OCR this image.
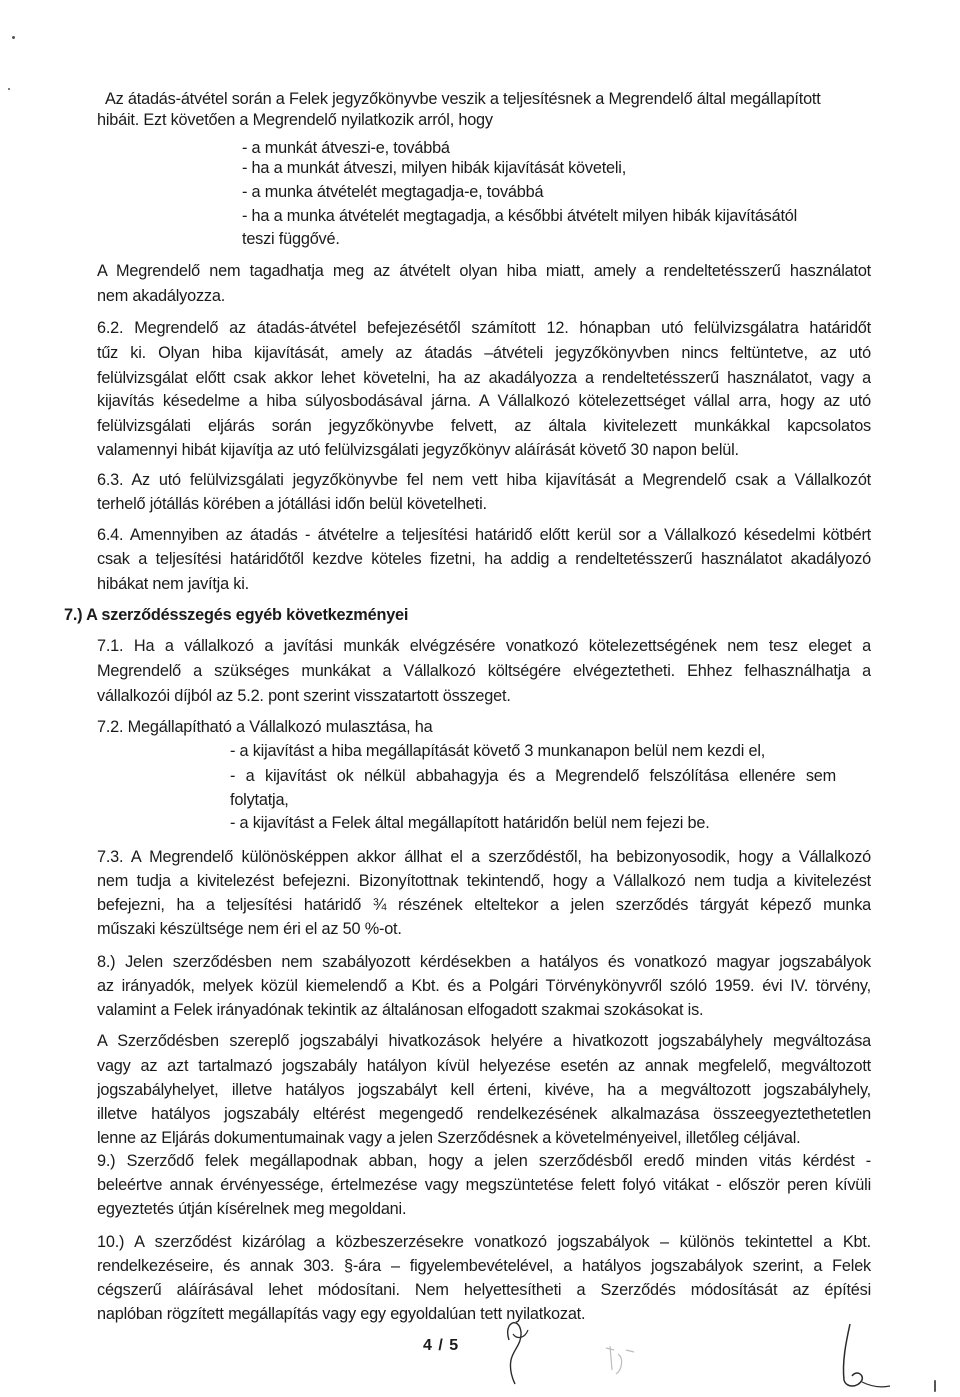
Az átadás-átvétel során a Felek jegyzőkönyvbe veszik a teljesítésnek a Megrendelő által megállapított
hibáit. Ezt követően a Megrendelő nyilatkozik arról, hogy
- a munkát átveszi-e, továbbá
- ha a munkát átveszi, milyen hibák kijavítását követeli,
- a munka átvételét megtagadja-e, továbbá
- ha a munka átvételét megtagadja, a későbbi átvételt milyen hibák kijavításától
teszi függővé.
A Megrendelő nem tagadhatja meg az átvételt olyan hiba miatt, amely a rendeltetésszerű használatot
nem akadályozza.
6.2. Megrendelő az átadás-átvétel befejezésétől számított 12. hónapban utó felülvizsgálatra határidőt
tűz ki. Olyan hiba kijavítását, amely az átadás –átvételi jegyzőkönyvben nincs feltüntetve, az utó
felülvizsgálat előtt csak akkor lehet követelni, ha az akadályozza a rendeltetésszerű használatot, vagy a
kijavítás késedelme a hiba súlyosbodásával járna. A Vállalkozó kötelezettséget vállal arra, hogy az utó
felülvizsgálati eljárás során jegyzőkönyvbe felvett, az általa kivitelezett munkákkal kapcsolatos
valamennyi hibát kijavítja az utó felülvizsgálati jegyzőkönyv aláírását követő 30 napon belül.
6.3. Az utó felülvizsgálati jegyzőkönyvbe fel nem vett hiba kijavítását a Megrendelő csak a Vállalkozót
terhelő jótállás körében a jótállási időn belül követelheti.
6.4. Amennyiben az átadás - átvételre a teljesítési határidő előtt kerül sor a Vállalkozó késedelmi kötbért
csak a teljesítési határidőtől kezdve köteles fizetni, ha addig a rendeltetésszerű használatot akadályozó
hibákat nem javítja ki.
7.) A szerződésszegés egyéb következményei
7.1. Ha a vállalkozó a javítási munkák elvégzésére vonatkozó kötelezettségének nem tesz eleget a
Megrendelő a szükséges munkákat a Vállalkozó költségére elvégeztetheti. Ehhez felhasználhatja a
vállalkozói díjból az 5.2. pont szerint visszatartott összeget.
7.2. Megállapítható a Vállalkozó mulasztása, ha
- a kijavítást a hiba megállapítását követő 3 munkanapon belül nem kezdi el,
- a kijavítást ok nélkül abbahagyja és a Megrendelő felszólítása ellenére sem
folytatja,
- a kijavítást a Felek által megállapított határidőn belül nem fejezi be.
7.3. A Megrendelő különösképpen akkor állhat el a szerződéstől, ha bebizonyosodik, hogy a Vállalkozó
nem tudja a kivitelezést befejezni. Bizonyítottnak tekintendő, hogy a Vállalkozó nem tudja a kivitelezést
befejezni, ha a teljesítési határidő ¾ részének elteltekor a jelen szerződés tárgyát képező munka
műszaki készültsége nem éri el az 50 %-ot.
8.) Jelen szerződésben nem szabályozott kérdésekben a hatályos és vonatkozó magyar jogszabályok
az irányadók, melyek közül kiemelendő a Kbt. és a Polgári Törvénykönyvről szóló 1959. évi IV. törvény,
valamint a Felek irányadónak tekintik az általánosan elfogadott szakmai szokásokat is.
A Szerződésben szereplő jogszabályi hivatkozások helyére a hivatkozott jogszabályhely megváltozása
vagy az azt tartalmazó jogszabály hatályon kívül helyezése esetén az annak megfelelő, megváltozott
jogszabályhelyet, illetve hatályos jogszabályt kell érteni, kivéve, ha a megváltozott jogszabályhely,
illetve hatályos jogszabály eltérést megengedő rendelkezésének alkalmazása összeegyeztethetetlen
lenne az Eljárás dokumentumainak vagy a jelen Szerződésnek a követelményeivel, illetőleg céljával.
9.) Szerződő felek megállapodnak abban, hogy a jelen szerződésből eredő minden vitás kérdést -
beleértve annak érvényessége, értelmezése vagy megszüntetése felett folyó vitákat - először peren kívüli
egyeztetés útján kísérelnek meg megoldani.
10.) A szerződést kizárólag a közbeszerzésekre vonatkozó jogszabályok – különös tekintettel a Kbt.
rendelkezéseire, és annak 303. §-ára – figyelembevételével, a hatályos jogszabályok szerint, a Felek
cégszerű aláírásával lehet módosítani. Nem helyettesítheti a Szerződés módosítását az építési
naplóban rögzített megállapítás vagy egy egyoldalúan tett nyilatkozat.
4 / 5
